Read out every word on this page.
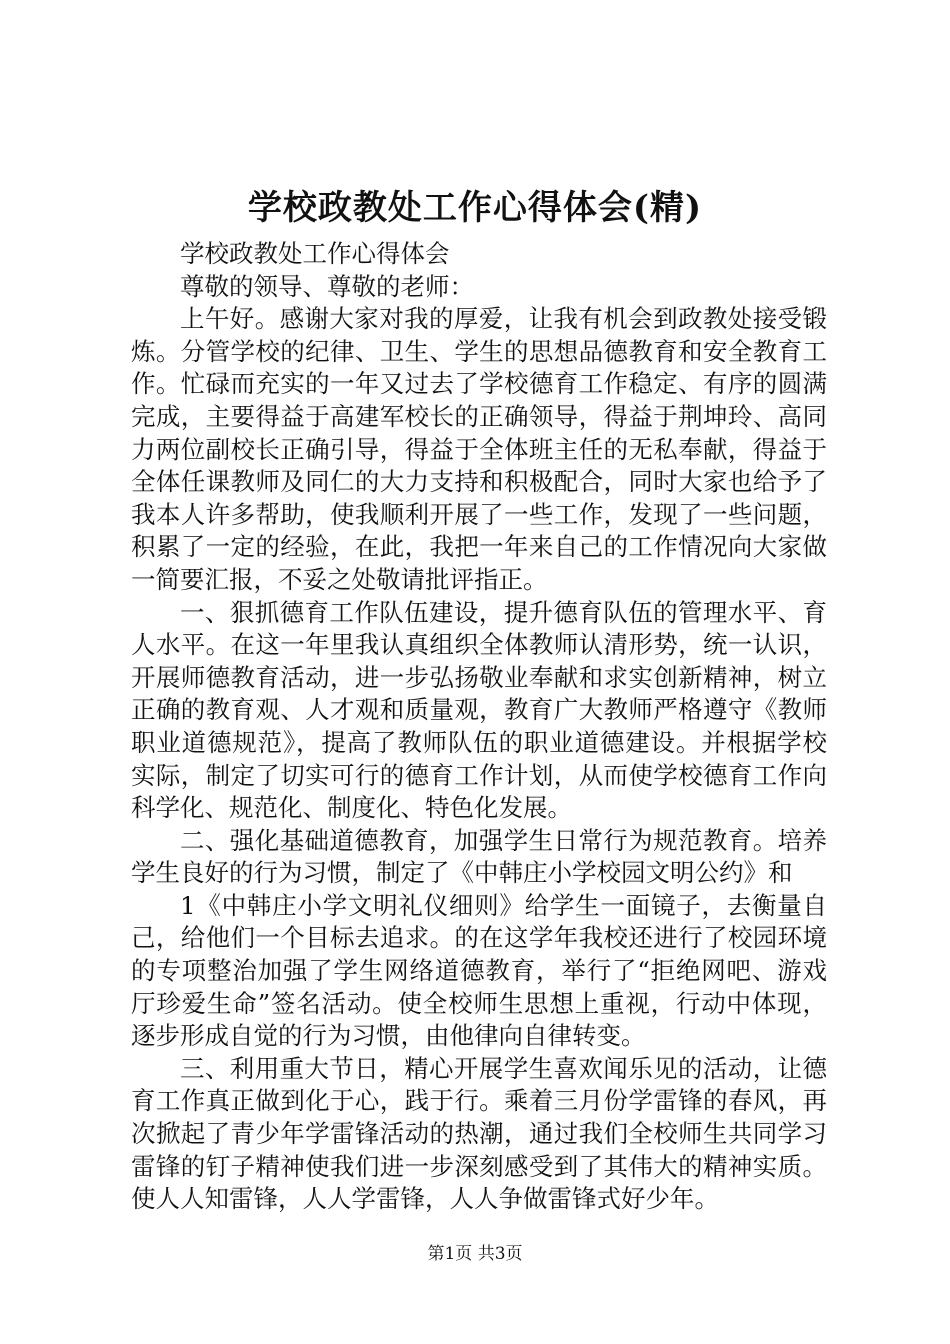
学校政教处工作心得体会(精)

学校政教处工作心得体会

尊敬的领导、尊敬的老师：

上午好。感谢大家对我的厚爱，让我有机会到政教处接受锻炼。分管学校的纪律、卫生、学生的思想品德教育和安全教育工作。忙碌而充实的一年又过去了学校德育工作稳定、有序的圆满完成，主要得益于高建军校长的正确领导，得益于荆坤玲、高同力两位副校长正确引导，得益于全体班主任的无私奉献，得益于全体任课教师及同仁的大力支持和积极配合，同时大家也给予了我本人许多帮助，使我顺利开展了一些工作，发现了一些问题，积累了一定的经验，在此，我把一年来自己的工作情况向大家做一简要汇报，不妥之处敬请批评指正。

一、狠抓德育工作队伍建设，提升德育队伍的管理水平、育人水平。在这一年里我认真组织全体教师认清形势，统一认识，开展师德教育活动，进一步弘扬敬业奉献和求实创新精神，树立正确的教育观、人才观和质量观，教育广大教师严格遵守《教师职业道德规范》，提高了教师队伍的职业道德建设。并根据学校实际，制定了切实可行的德育工作计划，从而使学校德育工作向科学化、规范化、制度化、特色化发展。

二、强化基础道德教育，加强学生日常行为规范教育。培养学生良好的行为习惯，制定了《中韩庄小学校园文明公约》和

1《中韩庄小学文明礼仪细则》给学生一面镜子，去衡量自己，给他们一个目标去追求。的在这学年我校还进行了校园环境的专项整治加强了学生网络道德教育，举行了“拒绝网吧、游戏厅珍爱生命”签名活动。使全校师生思想上重视，行动中体现，逐步形成自觉的行为习惯，由他律向自律转变。

三、利用重大节日，精心开展学生喜欢闻乐见的活动，让德育工作真正做到化于心，践于行。乘着三月份学雷锋的春风，再次掀起了青少年学雷锋活动的热潮，通过我们全校师生共同学习雷锋的钉子精神使我们进一步深刻感受到了其伟大的精神实质。使人人知雷锋，人人学雷锋，人人争做雷锋式好少年。

第1页 共3页
